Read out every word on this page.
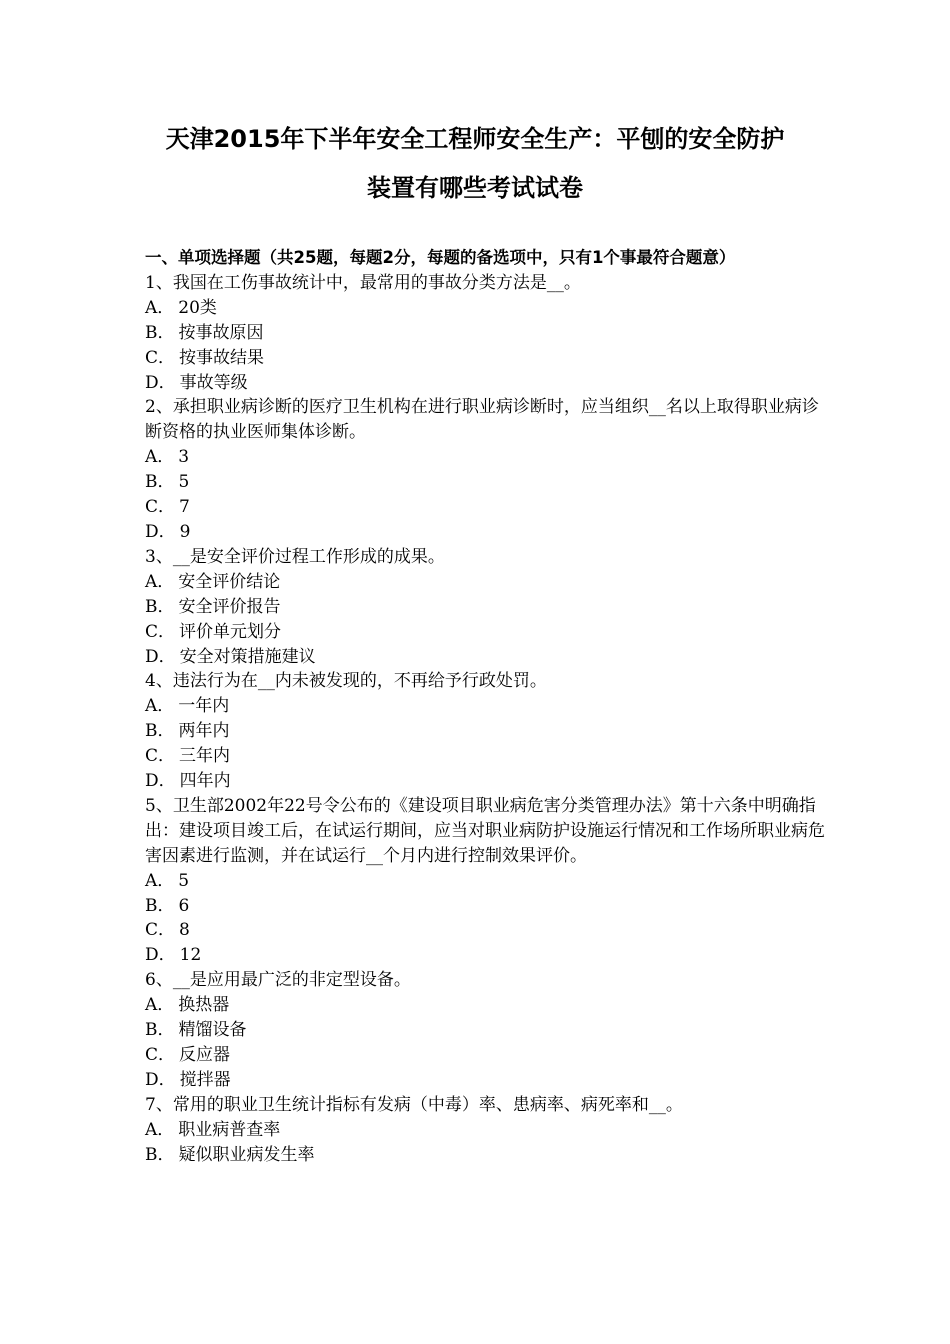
天津2015年下半年安全工程师安全生产：平刨的安全防护
装置有哪些考试试卷

一、单项选择题（共25题，每题2分，每题的备选项中，只有1个事最符合题意）

1、我国在工伤事故统计中，最常用的事故分类方法是__。

A． 20类

B． 按事故原因

C． 按事故结果

D． 事故等级

2、承担职业病诊断的医疗卫生机构在进行职业病诊断时，应当组织__名以上取得职业病诊断资格的执业医师集体诊断。

A． 3

B． 5

C． 7

D． 9

3、__是安全评价过程工作形成的成果。

A． 安全评价结论

B． 安全评价报告

C． 评价单元划分

D． 安全对策措施建议

4、违法行为在__内未被发现的，不再给予行政处罚。

A． 一年内

B． 两年内

C． 三年内

D． 四年内

5、卫生部2002年22号令公布的《建设项目职业病危害分类管理办法》第十六条中明确指出：建设项目竣工后，在试运行期间，应当对职业病防护设施运行情况和工作场所职业病危害因素进行监测，并在试运行__个月内进行控制效果评价。

A． 5

B． 6

C． 8

D． 12

6、__是应用最广泛的非定型设备。

A． 换热器

B． 精馏设备

C． 反应器

D． 搅拌器

7、常用的职业卫生统计指标有发病（中毒）率、患病率、病死率和__。

A． 职业病普查率

B． 疑似职业病发生率
